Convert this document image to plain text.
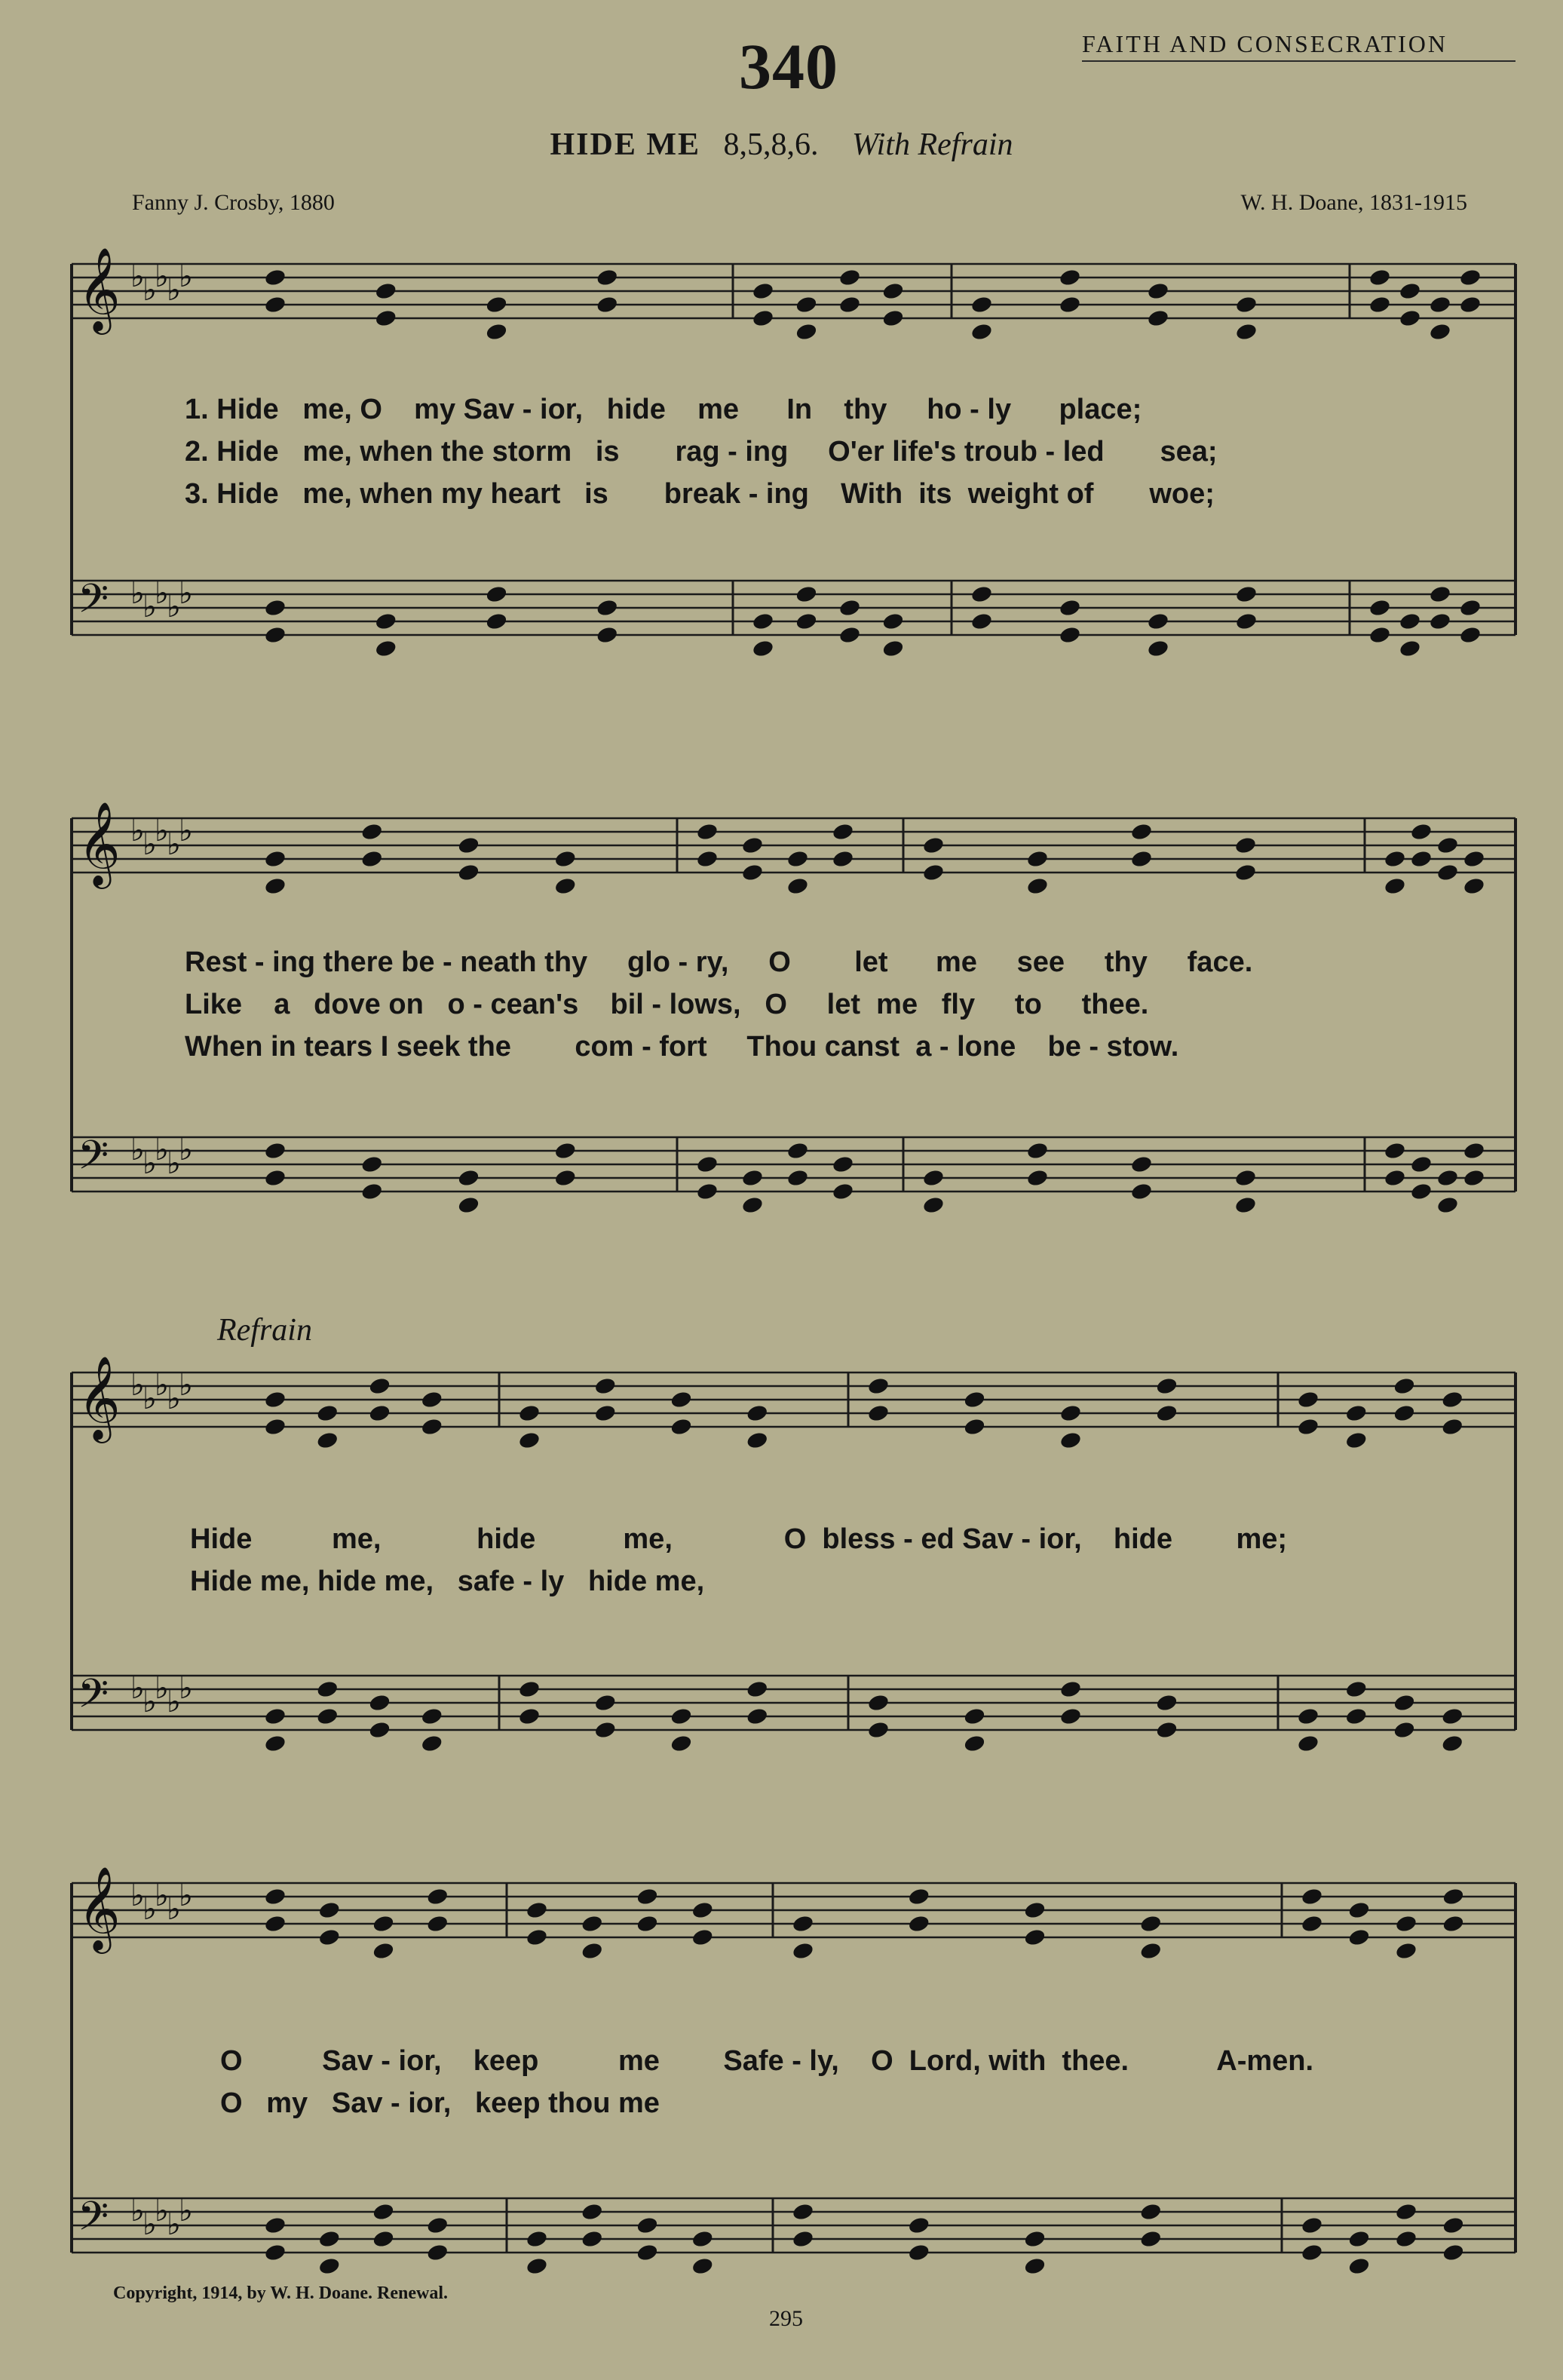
340	FAITH AND CONSECRATION
HIDE ME 8,5,8,6. With Refrain
Fanny J. Crosby, 1880	W. H. Doane, 1831-1915
𝄞 ♭
♭
♭
♭
♭
𝄢 ♭
♭
♭
♭
♭
𝄞 ♭
♭
♭
♭
♭
𝄢 ♭
♭
♭
♭
♭
𝄞 ♭
♭
♭
♭
♭
𝄢 ♭
♭
♭
♭
♭
𝄞 ♭
♭
♭
♭
♭
𝄢 ♭
♭
♭
♭
♭
1. Hide me, O my Sav - ior, hide me In thy ho - ly place;
2. Hide me, when the storm is rag - ing O'er life's troub - led sea;
3. Hide me, when my heart is break - ing With its weight of woe;
Rest - ing there be - neath thy glo - ry, O let me see thy face.
Like a dove on o - cean's bil - lows, O let me fly to thee.
When in tears I seek the com - fort Thou canst a - lone be - stow.
Refrain
Hide	me,	hide	me,	O bless - ed Sav - ior, hide me;
Hide me, hide me, safe - ly hide me,
O	Sav - ior, keep	me Safe - ly, O Lord, with thee.	A-men.
O my Sav - ior, keep thou me
Copyright, 1914, by W. H. Doane. Renewal.
295
